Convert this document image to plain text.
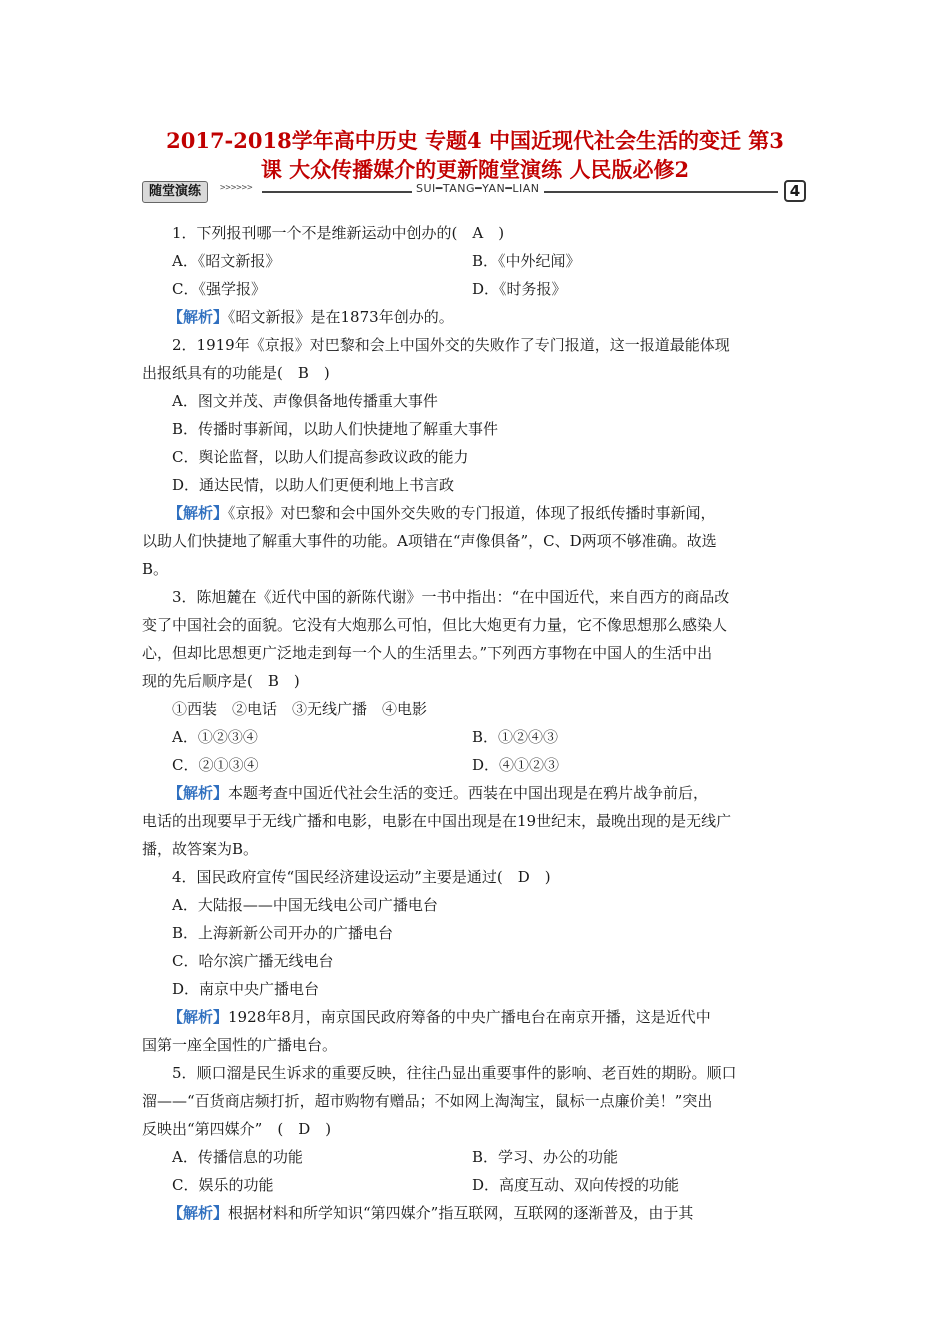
2017-2018学年高中历史 专题4 中国近现代社会生活的变迁 第3
课 大众传播媒介的更新随堂演练 人民版必修2
随堂演练	>>>>>>	SUI━TANG━YAN━LIAN	4
1．下列报刊哪一个不是维新运动中创办的(　A　)
A．《昭文新报》	B．《中外纪闻》
C．《强学报》	D．《时务报》
【解析】《昭文新报》是在1873年创办的。
2．1919年《京报》对巴黎和会上中国外交的失败作了专门报道，这一报道最能体现
出报纸具有的功能是(　B　)
A．图文并茂、声像俱备地传播重大事件
B．传播时事新闻，以助人们快捷地了解重大事件
C．舆论监督，以助人们提高参政议政的能力
D．通达民情，以助人们更便利地上书言政
【解析】《京报》对巴黎和会中国外交失败的专门报道，体现了报纸传播时事新闻，
以助人们快捷地了解重大事件的功能。A项错在“声像俱备”，C、D两项不够准确。故选
B。
3．陈旭麓在《近代中国的新陈代谢》一书中指出：“在中国近代，来自西方的商品改
变了中国社会的面貌。它没有大炮那么可怕，但比大炮更有力量，它不像思想那么感染人
心，但却比思想更广泛地走到每一个人的生活里去。”下列西方事物在中国人的生活中出
现的先后顺序是(　B　)
①西装　②电话　③无线广播　④电影
A．①②③④	B．①②④③
C．②①③④	D．④①②③
【解析】本题考查中国近代社会生活的变迁。西装在中国出现是在鸦片战争前后，
电话的出现要早于无线广播和电影，电影在中国出现是在19世纪末，最晚出现的是无线广
播，故答案为B。
4．国民政府宣传“国民经济建设运动”主要是通过(　D　)
A．大陆报——中国无线电公司广播电台
B．上海新新公司开办的广播电台
C．哈尔滨广播无线电台
D．南京中央广播电台
【解析】1928年8月，南京国民政府筹备的中央广播电台在南京开播，这是近代中
国第一座全国性的广播电台。
5．顺口溜是民生诉求的重要反映，往往凸显出重要事件的影响、老百姓的期盼。顺口
溜——“百货商店频打折，超市购物有赠品；不如网上淘淘宝，鼠标一点廉价美！”突出
反映出“第四媒介”　(　D　)
A．传播信息的功能	B．学习、办公的功能
C．娱乐的功能	D．高度互动、双向传授的功能
【解析】根据材料和所学知识“第四媒介”指互联网，互联网的逐渐普及，由于其
